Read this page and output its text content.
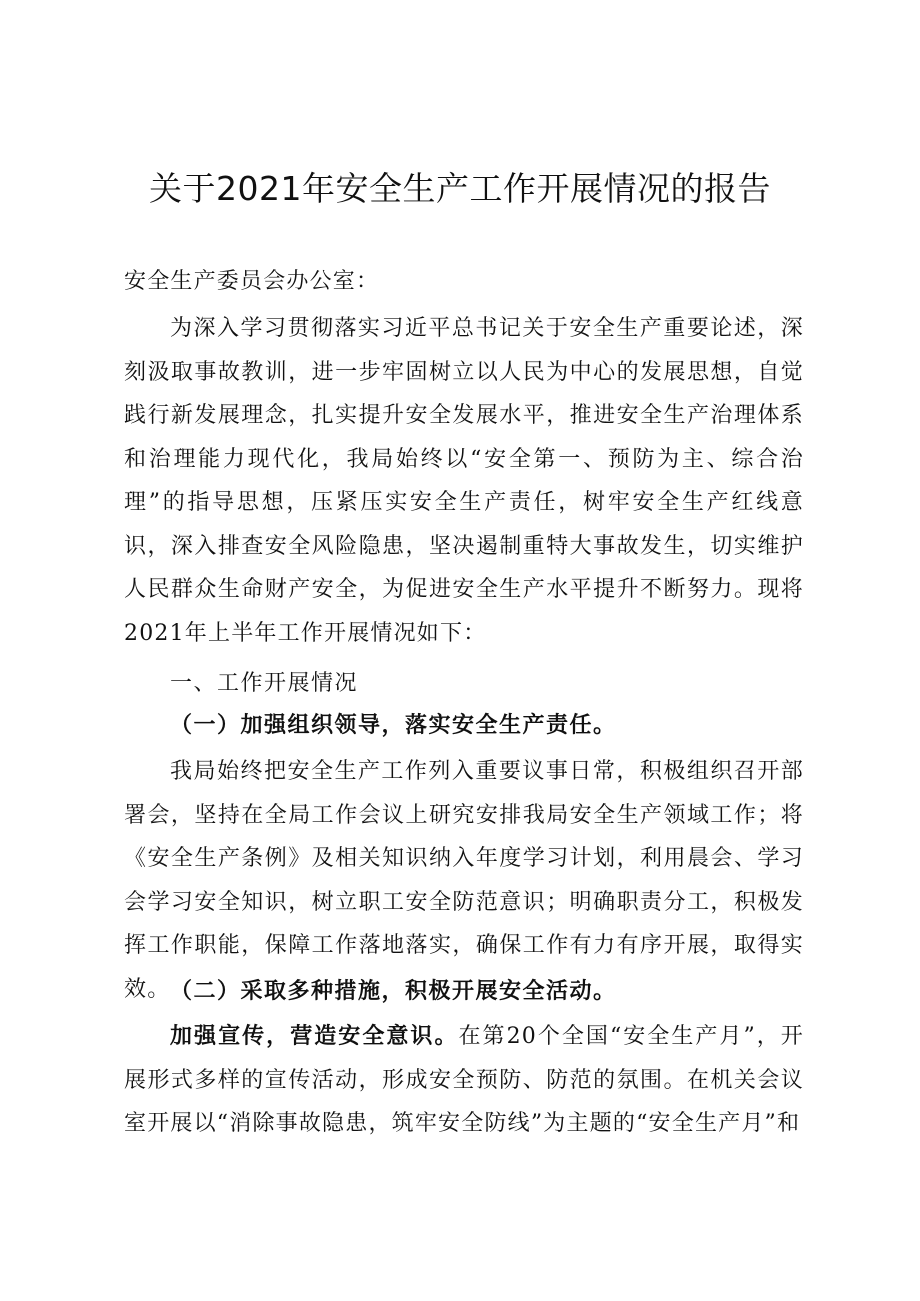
关于2021年安全生产工作开展情况的报告
安全生产委员会办公室：
为深入学习贯彻落实习近平总书记关于安全生产重要论述，深刻汲取事故教训，进一步牢固树立以人民为中心的发展思想，自觉践行新发展理念，扎实提升安全发展水平，推进安全生产治理体系和治理能力现代化，我局始终以“安全第一、预防为主、综合治理”的指导思想，压紧压实安全生产责任，树牢安全生产红线意识，深入排查安全风险隐患，坚决遏制重特大事故发生，切实维护人民群众生命财产安全，为促进安全生产水平提升不断努力。现将2021年上半年工作开展情况如下：
一、工作开展情况
（一）加强组织领导，落实安全生产责任。
我局始终把安全生产工作列入重要议事日常，积极组织召开部署会，坚持在全局工作会议上研究安排我局安全生产领域工作；将《安全生产条例》及相关知识纳入年度学习计划，利用晨会、学习会学习安全知识，树立职工安全防范意识；明确职责分工，积极发挥工作职能，保障工作落地落实，确保工作有力有序开展，取得实效。 （二）采取多种措施，积极开展安全活动。
加强宣传，营造安全意识。在第20个全国“安全生产月”，开展形式多样的宣传活动，形成安全预防、防范的氛围。在机关会议室开展以“消除事故隐患，筑牢安全防线”为主题的“安全生产月”和
